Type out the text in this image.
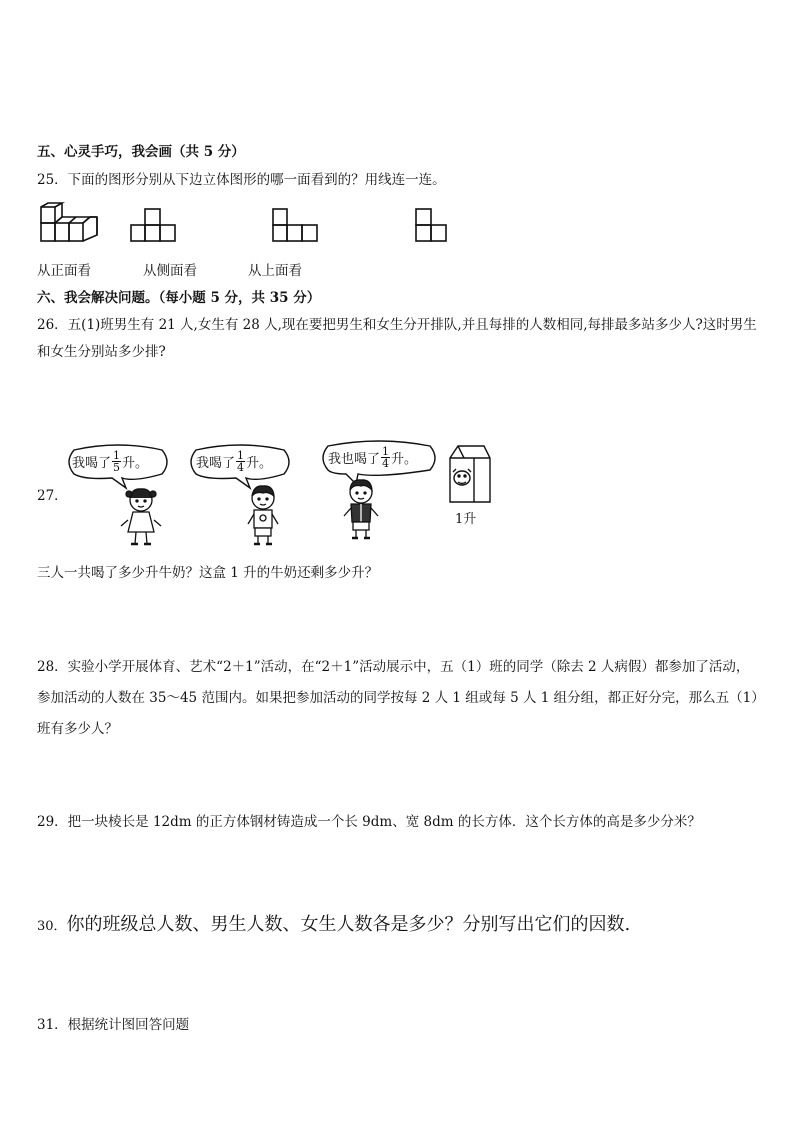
五、心灵手巧，我会画（共 5 分）
25．下面的图形分别从下边立体图形的哪一面看到的？用线连一连。
从正面看	从侧面看	从上面看
六、我会解决问题。（每小题 5 分，共 35 分）
26．五(1)班男生有 21 人,女生有 28 人,现在要把男生和女生分开排队,并且每排的人数相同,每排最多站多少人?这时男生
和女生分别站多少排?
27．
我喝了 $\frac{1}{5}$ 升。	我喝了 $\frac{1}{4}$ 升。	我也喝了 $\frac{1}{4}$ 升。
1升
三人一共喝了多少升牛奶？这盒 1 升的牛奶还剩多少升？
28．实验小学开展体育、艺术“2＋1”活动，在“2＋1”活动展示中，五（1）班的同学（除去 2 人病假）都参加了活动，
参加活动的人数在 35～45 范围内。如果把参加活动的同学按每 2 人 1 组或每 5 人 1 组分组，都正好分完，那么五（1）
班有多少人？
29．把一块棱长是 12dm 的正方体钢材铸造成一个长 9dm、宽 8dm 的长方体．这个长方体的高是多少分米？
30． 你的班级总人数、男生人数、女生人数各是多少？分别写出它们的因数.
31．根据统计图回答问题
